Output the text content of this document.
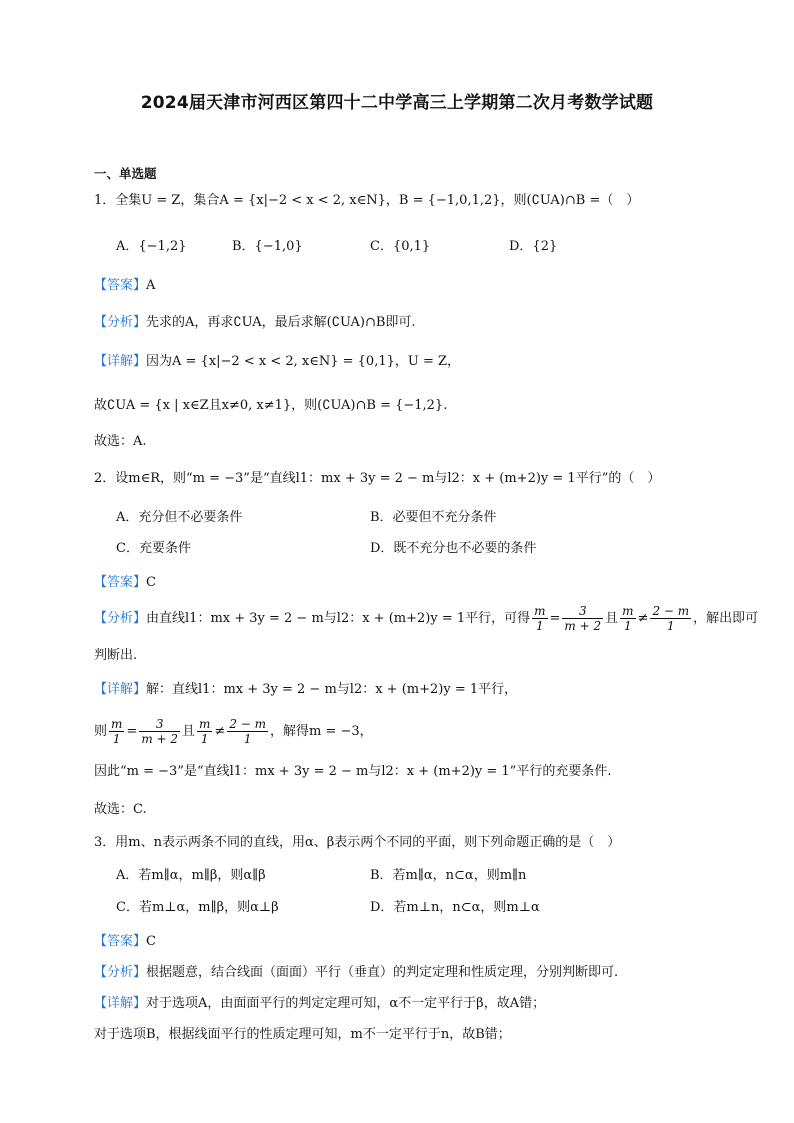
2024届天津市河西区第四十二中学高三上学期第二次月考数学试题
一、单选题
1．全集U = Z，集合A = {x|−2 < x < 2, x∈N}，B = {−1,0,1,2}，则(∁UA)∩B =（　）
A．{−1,2}	B．{−1,0}	C．{0,1}	D．{2}
【答案】A
【分析】先求的A，再求∁UA，最后求解(∁UA)∩B即可.
【详解】因为A = {x|−2 < x < 2, x∈N} = {0,1}，U = Z，
故∁UA = {x | x∈Z且x≠0, x≠1}，则(∁UA)∩B = {−1,2}.
故选：A.
2．设m∈R，则“m = −3”是“直线l1：mx + 3y = 2 − m与l2：x + (m+2)y = 1平行”的（　）
A．充分但不必要条件	B．必要但不充分条件
C．充要条件	D．既不充分也不必要的条件
【答案】C
【分析】由直线l1：mx + 3y = 2 − m与l2：x + (m+2)y = 1平行，可得 $\frac{m}{1} = \frac{3}{m + 2}$ 且 $\frac{m}{1} \ne \frac{2 - m}{1}$ ，解出即可
判断出.
【详解】解：直线l1：mx + 3y = 2 − m与l2：x + (m+2)y = 1平行，
则 $\frac{m}{1} = \frac{3}{m + 2}$ 且 $\frac{m}{1} \ne \frac{2 - m}{1}$ ，解得m = −3，
因此“m = −3”是“直线l1：mx + 3y = 2 − m与l2：x + (m+2)y = 1”平行的充要条件.
故选：C.
3．用m、n表示两条不同的直线，用α、β表示两个不同的平面，则下列命题正确的是（　）
A．若m∥α，m∥β，则α∥β	B．若m∥α，n⊂α，则m∥n
C．若m⊥α，m∥β，则α⊥β	D．若m⊥n，n⊂α，则m⊥α
【答案】C
【分析】根据题意，结合线面（面面）平行（垂直）的判定定理和性质定理，分别判断即可.
【详解】对于选项A，由面面平行的判定定理可知，α不一定平行于β，故A错；
对于选项B，根据线面平行的性质定理可知，m不一定平行于n，故B错；
